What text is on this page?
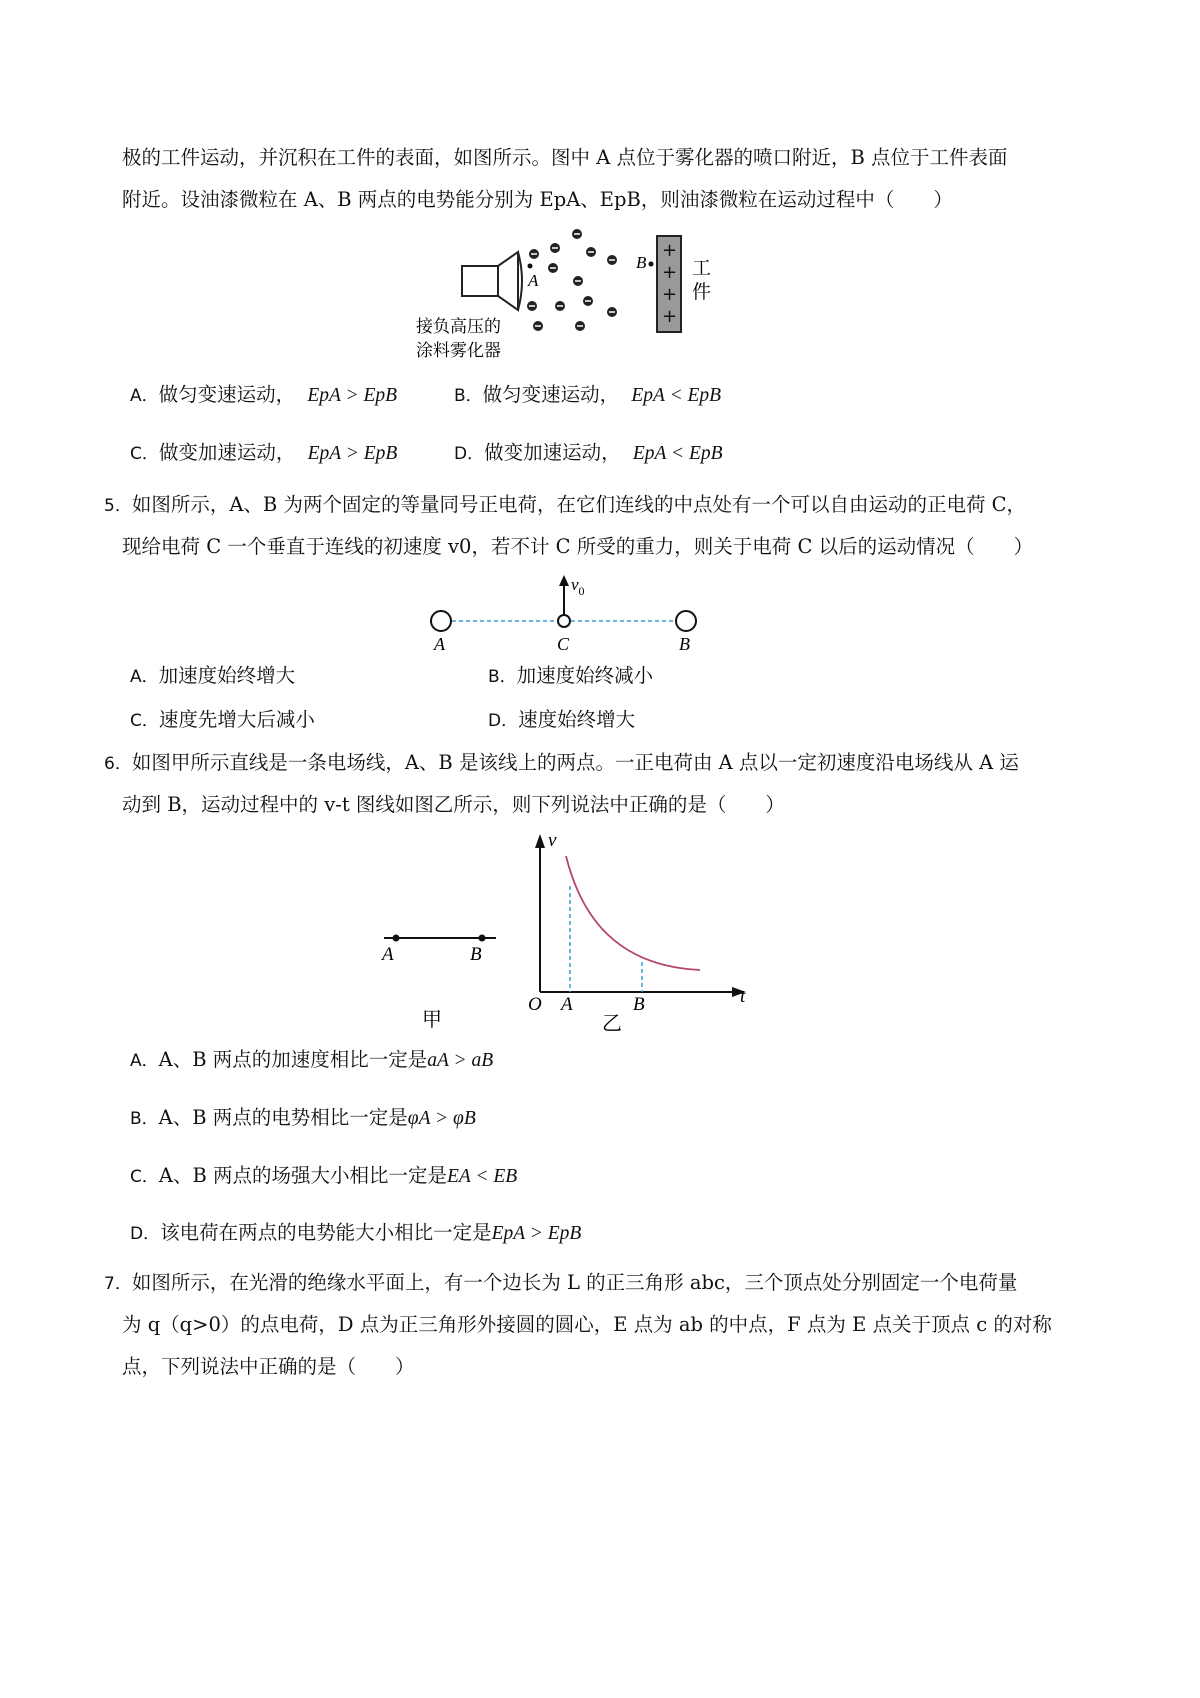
极的工件运动，并沉积在工件的表面，如图所示。图中 A 点位于雾化器的喷口附近，B 点位于工件表面
附近。设油漆微粒在 A、B 两点的电势能分别为 EpA、EpB，则油漆微粒在运动过程中（　　）
接负高压的
涂料雾化器
A
B
+
+
+
+
工
件
A．做匀变速运动， EpA > EpB	B．做匀变速运动， EpA < EpB
C．做变加速运动， EpA > EpB	D．做变加速运动， EpA < EpB
5．如图所示，A、B 为两个固定的等量同号正电荷，在它们连线的中点处有一个可以自由运动的正电荷 C，
现给电荷 C 一个垂直于连线的初速度 v0，若不计 C 所受的重力，则关于电荷 C 以后的运动情况（　　）
$v_0$
A	C	B
A．加速度始终增大	B．加速度始终减小
C．速度先增大后减小	D．速度始终增大
6．如图甲所示直线是一条电场线，A、B 是该线上的两点。一正电荷由 A 点以一定初速度沿电场线从 A 运
动到 B，运动过程中的 v-t 图线如图乙所示，则下列说法中正确的是（　　）
A	B
甲
v
t
O A	B
乙
A．A、B 两点的加速度相比一定是aA > aB
B．A、B 两点的电势相比一定是φA > φB
C．A、B 两点的场强大小相比一定是EA < EB
D．该电荷在两点的电势能大小相比一定是EpA > EpB
7．如图所示，在光滑的绝缘水平面上，有一个边长为 L 的正三角形 abc，三个顶点处分别固定一个电荷量
为 q（q>0）的点电荷，D 点为正三角形外接圆的圆心，E 点为 ab 的中点，F 点为 E 点关于顶点 c 的对称
点，下列说法中正确的是（　　）
